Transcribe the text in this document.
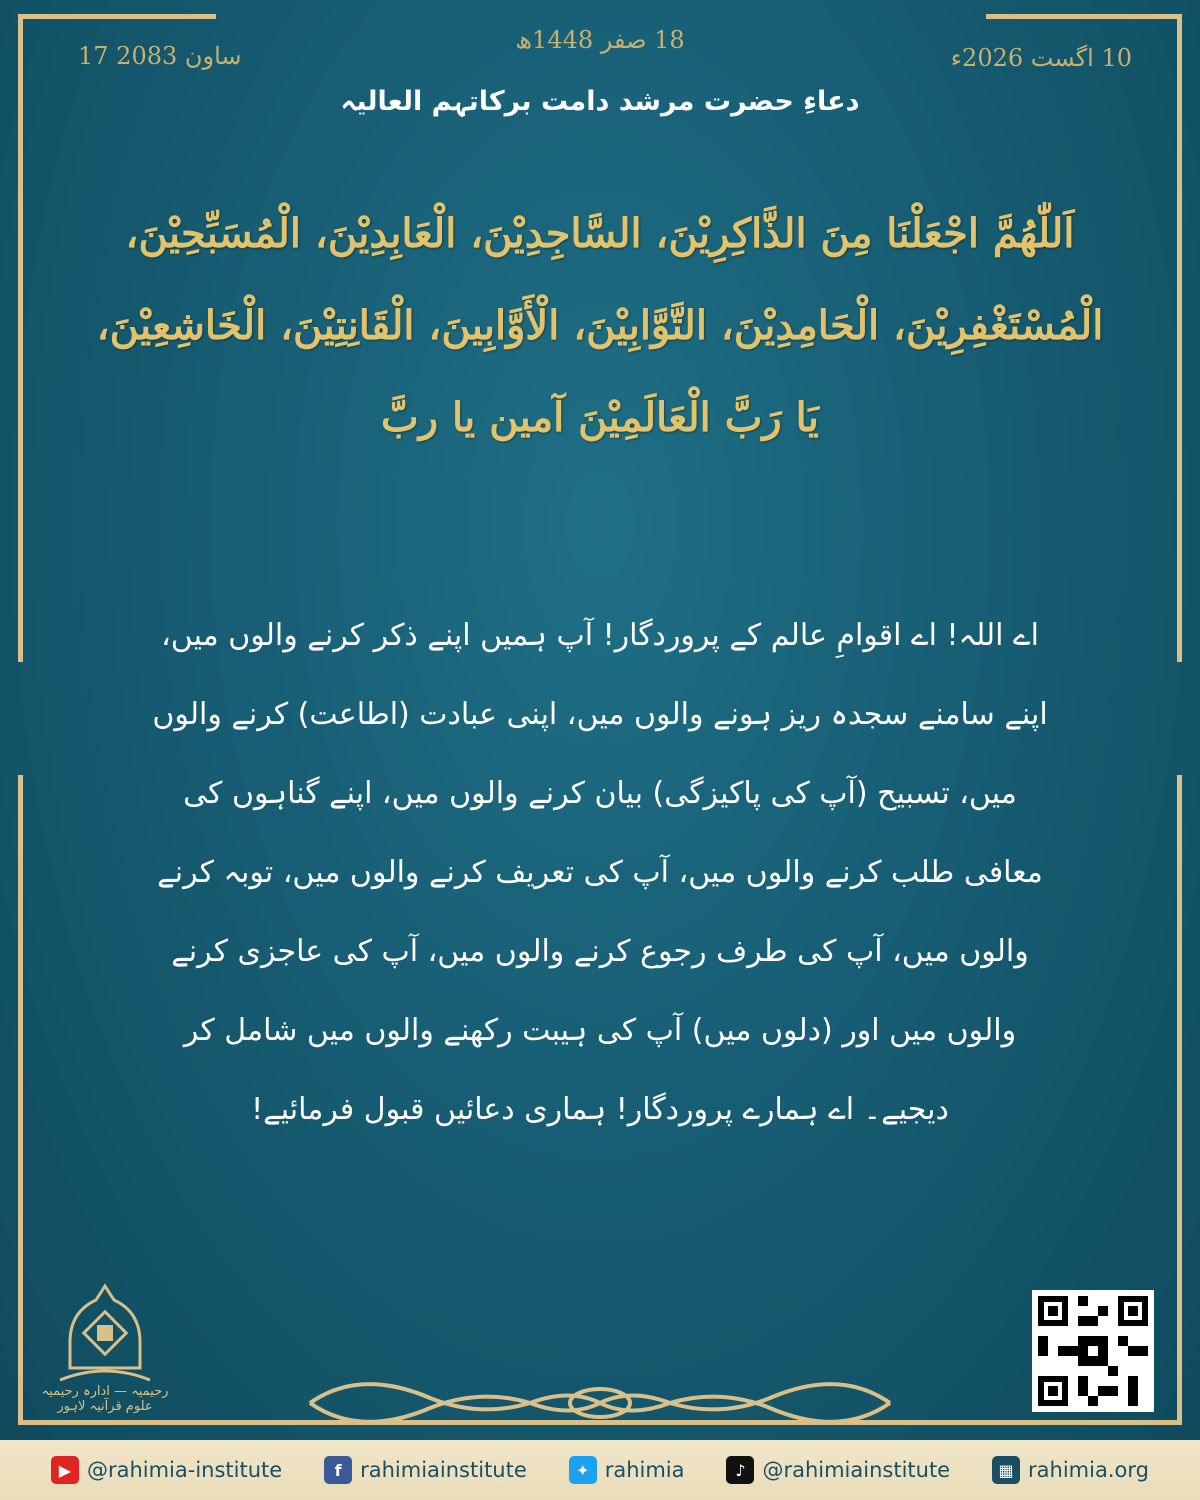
17 ساون 2083
18 صفر 1448ھ
10 اگست 2026ء
دعاءِ حضرت مرشد دامت برکاتہم العالیہ
اَللّٰهُمَّ اجْعَلْنَا مِنَ الذَّاكِرِيْنَ، السَّاجِدِيْنَ، الْعَابِدِيْنَ، الْمُسَبِّحِيْنَ، الْمُسْتَغْفِرِيْنَ، الْحَامِدِيْنَ، التَّوَّابِيْنَ، الْأَوَّابِينَ، الْقَانِتِيْنَ، الْخَاشِعِيْنَ، يَا رَبَّ الْعَالَمِيْنَ آمين يا ربَّ
اے اللہ! اے اقوامِ عالم کے پروردگار! آپ ہمیں اپنے ذکر کرنے والوں میں، اپنے سامنے سجدہ ریز ہونے والوں میں، اپنی عبادت (اطاعت) کرنے والوں میں، تسبیح (آپ کی پاکیزگی) بیان کرنے والوں میں، اپنے گناہوں کی معافی طلب کرنے والوں میں، آپ کی تعریف کرنے والوں میں، توبہ کرنے والوں میں، آپ کی طرف رجوع کرنے والوں میں، آپ کی عاجزی کرنے والوں میں اور (دلوں میں) آپ کی ہیبت رکھنے والوں میں شامل کر دیجیے۔ اے ہمارے پروردگار! ہماری دعائیں قبول فرمائیے!
رحیمیہ — ادارہ رحیمیہ علوم قرآنیہ لاہور
▶ @rahimia-institute	f rahimiainstitute	✦ rahimia	♪ @rahimiainstitute	▦ rahimia.org
